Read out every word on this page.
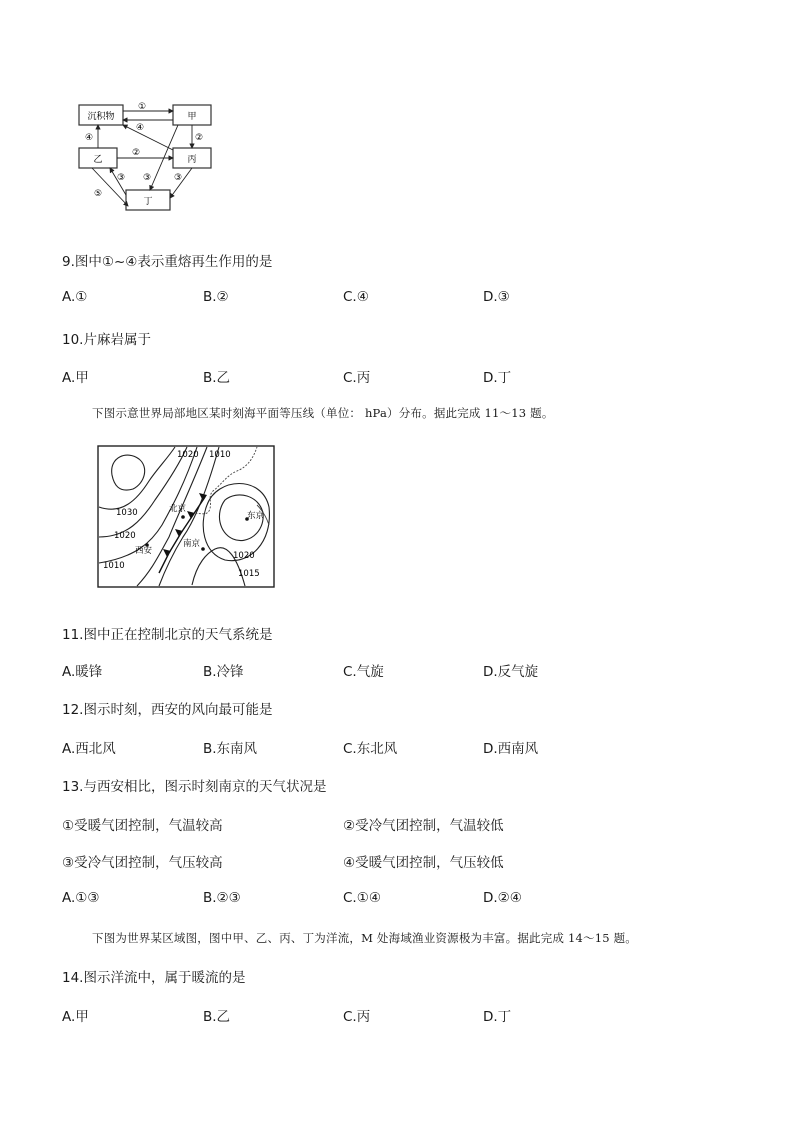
沉积物	甲
乙	丙
丁
①
④
④
②
②
③ ③	③
⑤
9.图中①~④表示重熔再生作用的是
A.①	B.②	C.④	D.③
10.片麻岩属于
A.甲	B.乙	C.丙	D.丁
下图示意世界局部地区某时刻海平面等压线（单位： hPa）分布。据此完成 11～13 题。
1020 1010
1030
1020
1010
1020
1015
北京
西安
南京
东京
11.图中正在控制北京的天气系统是
A.暖锋	B.冷锋	C.气旋	D.反气旋
12.图示时刻，西安的风向最可能是
A.西北风	B.东南风	C.东北风	D.西南风
13.与西安相比，图示时刻南京的天气状况是
①受暖气团控制，气温较高	②受冷气团控制，气温较低
③受冷气团控制，气压较高	④受暖气团控制，气压较低
A.①③	B.②③	C.①④	D.②④
下图为世界某区域图，图中甲、乙、丙、丁为洋流，M 处海域渔业资源极为丰富。据此完成 14～15 题。
14.图示洋流中，属于暖流的是
A.甲	B.乙	C.丙	D.丁
